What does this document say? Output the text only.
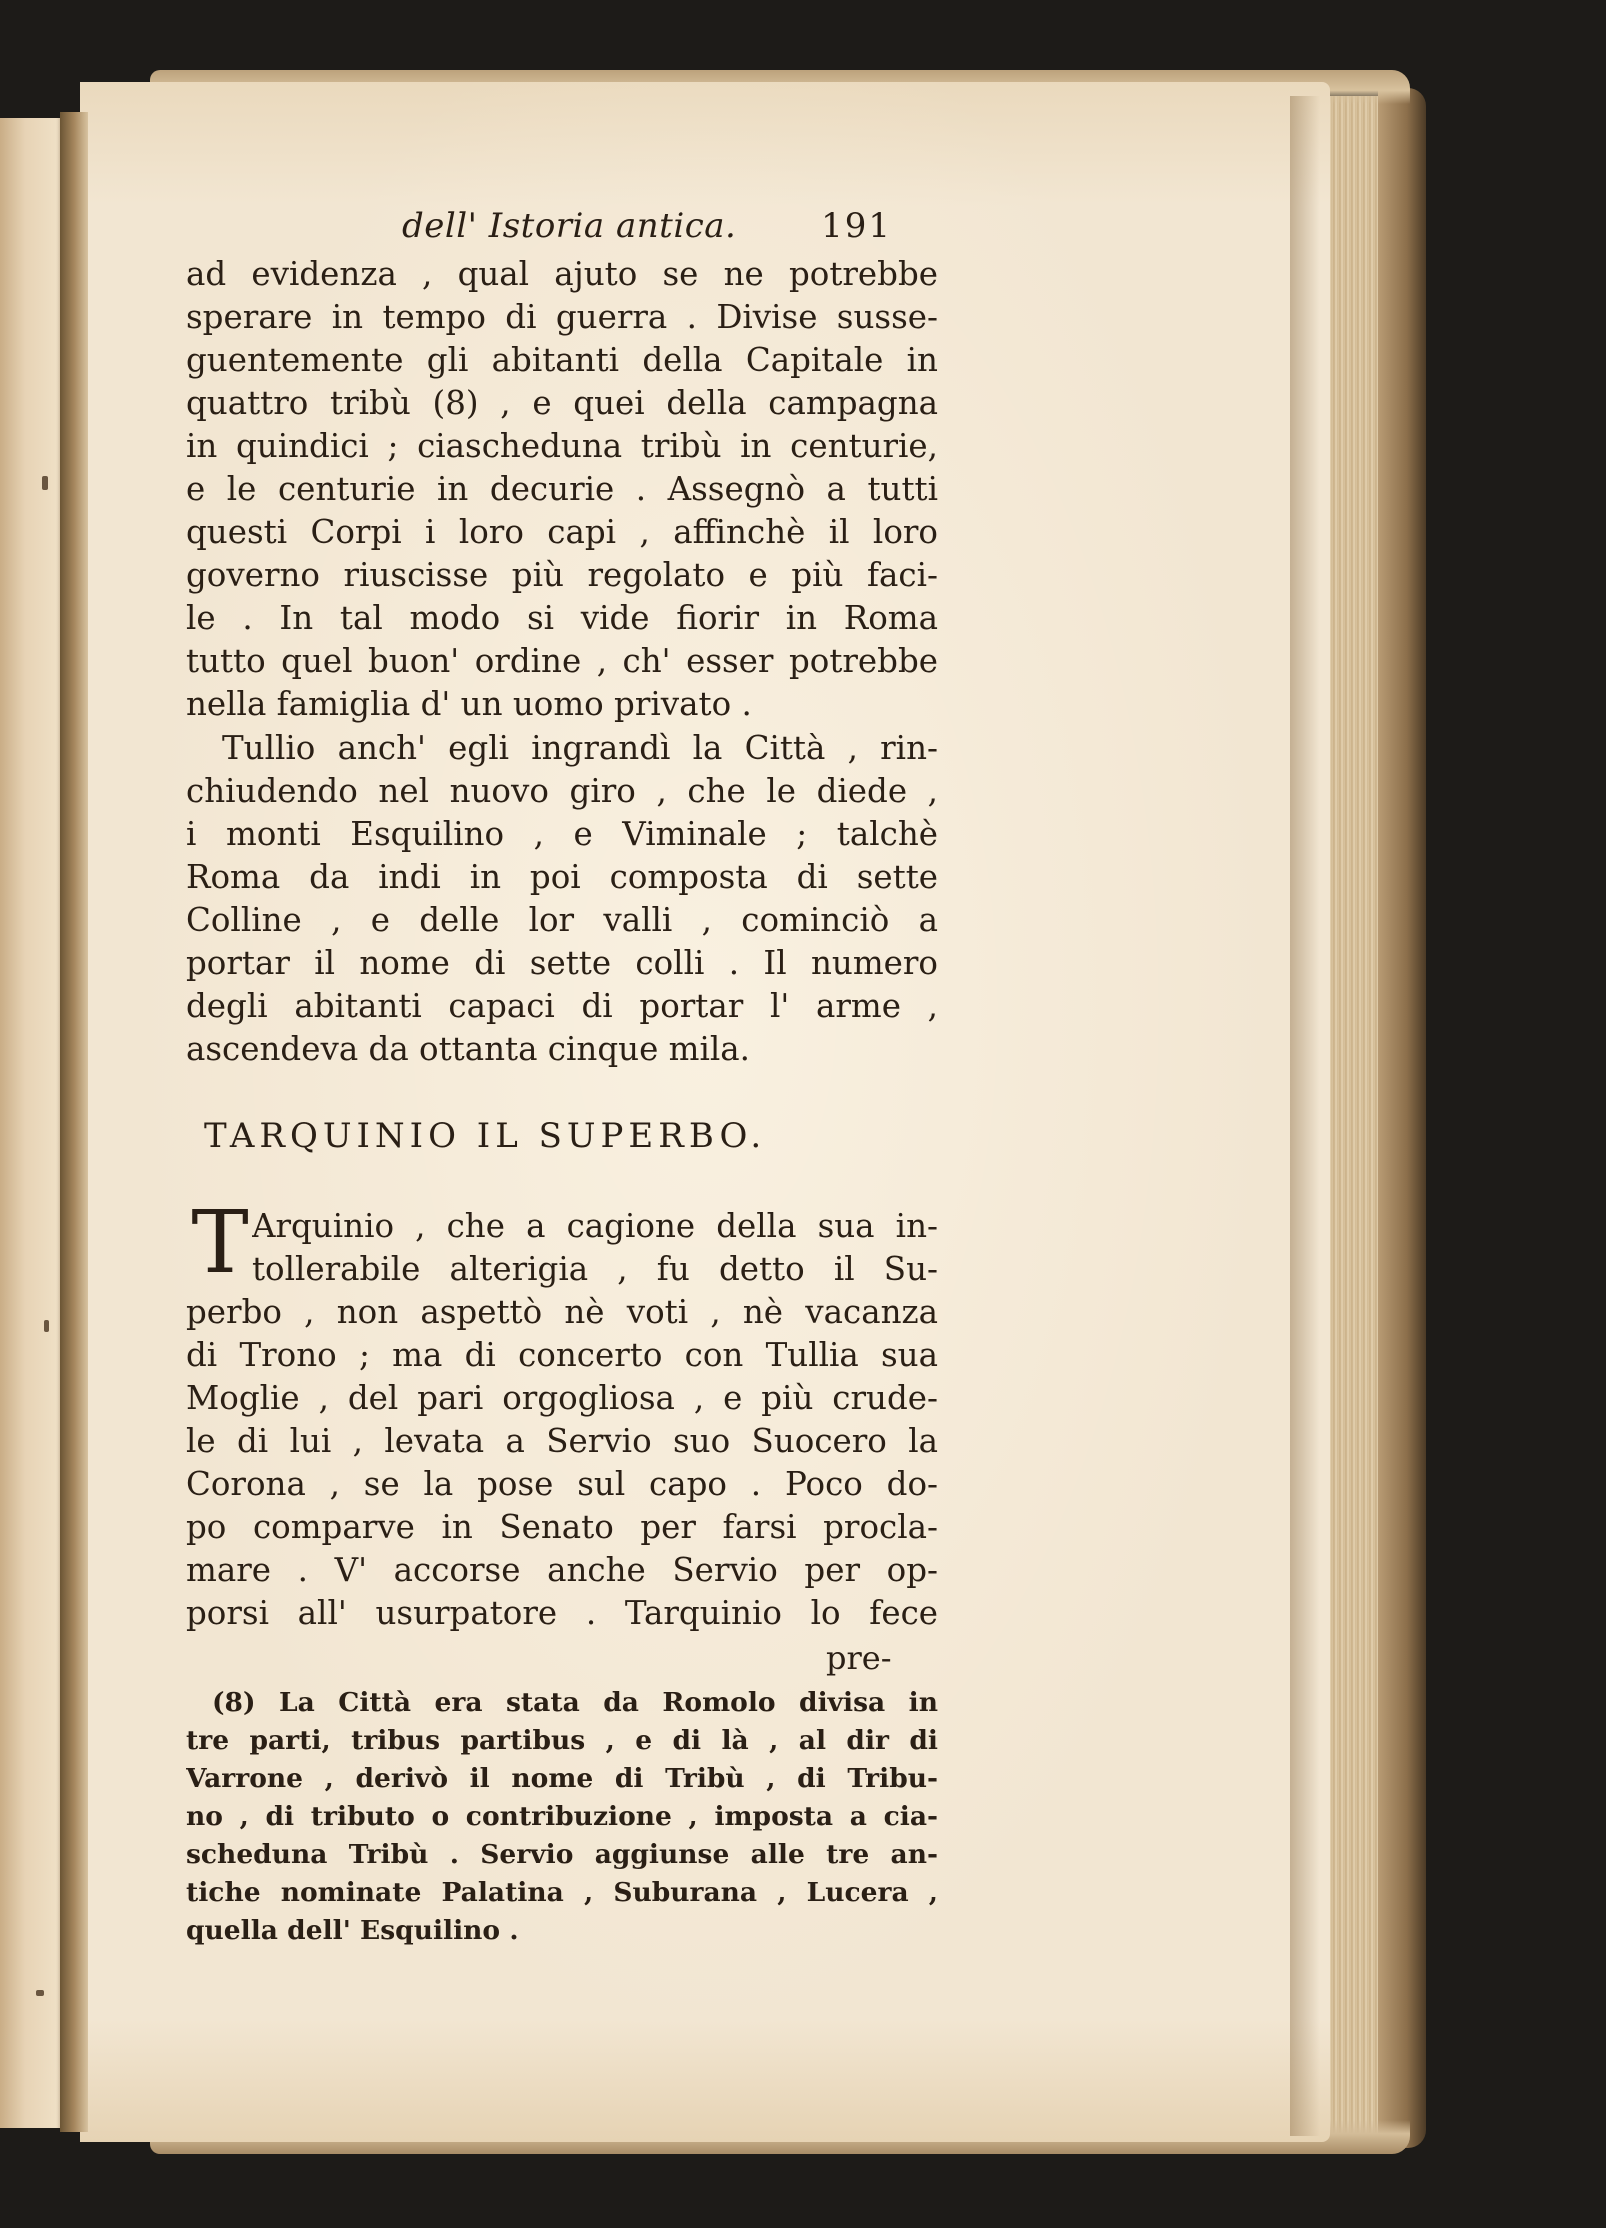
dell' Istoria antica. 191
ad evidenza , qual ajuto se ne potrebbe
sperare in tempo di guerra . Divise susse-
guentemente gli abitanti della Capitale in
quattro tribù (8) , e quei della campagna
in quindici ; ciascheduna tribù in centurie,
e le centurie in decurie . Assegnò a tutti
questi Corpi i loro capi , affinchè il loro
governo riuscisse più regolato e più faci-
le . In tal modo si vide fiorir in Roma
tutto quel buon' ordine , ch' esser potrebbe
nella famiglia d' un uomo privato .
Tullio anch' egli ingrandì la Città , rin-
chiudendo nel nuovo giro , che le diede ,
i monti Esquilino , e Viminale ; talchè
Roma da indi in poi composta di sette
Colline , e delle lor valli , cominciò a
portar il nome di sette colli . Il numero
degli abitanti capaci di portar l' arme ,
ascendeva da ottanta cinque mila.
TARQUINIO IL SUPERBO.
T Arquinio , che a cagione della sua in-
tollerabile alterigia , fu detto il Su-
perbo , non aspettò nè voti , nè vacanza
di Trono ; ma di concerto con Tullia sua
Moglie , del pari orgogliosa , e più crude-
le di lui , levata a Servio suo Suocero la
Corona , se la pose sul capo . Poco do-
po comparve in Senato per farsi procla-
mare . V' accorse anche Servio per op-
porsi all' usurpatore . Tarquinio lo fece
pre-
(8) La Città era stata da Romolo divisa in
tre parti, tribus partibus , e di là , al dir di
Varrone , derivò il nome di Tribù , di Tribu-
no , di tributo o contribuzione , imposta a cia-
scheduna Tribù . Servio aggiunse alle tre an-
tiche nominate Palatina , Suburana , Lucera ,
quella dell' Esquilino .
